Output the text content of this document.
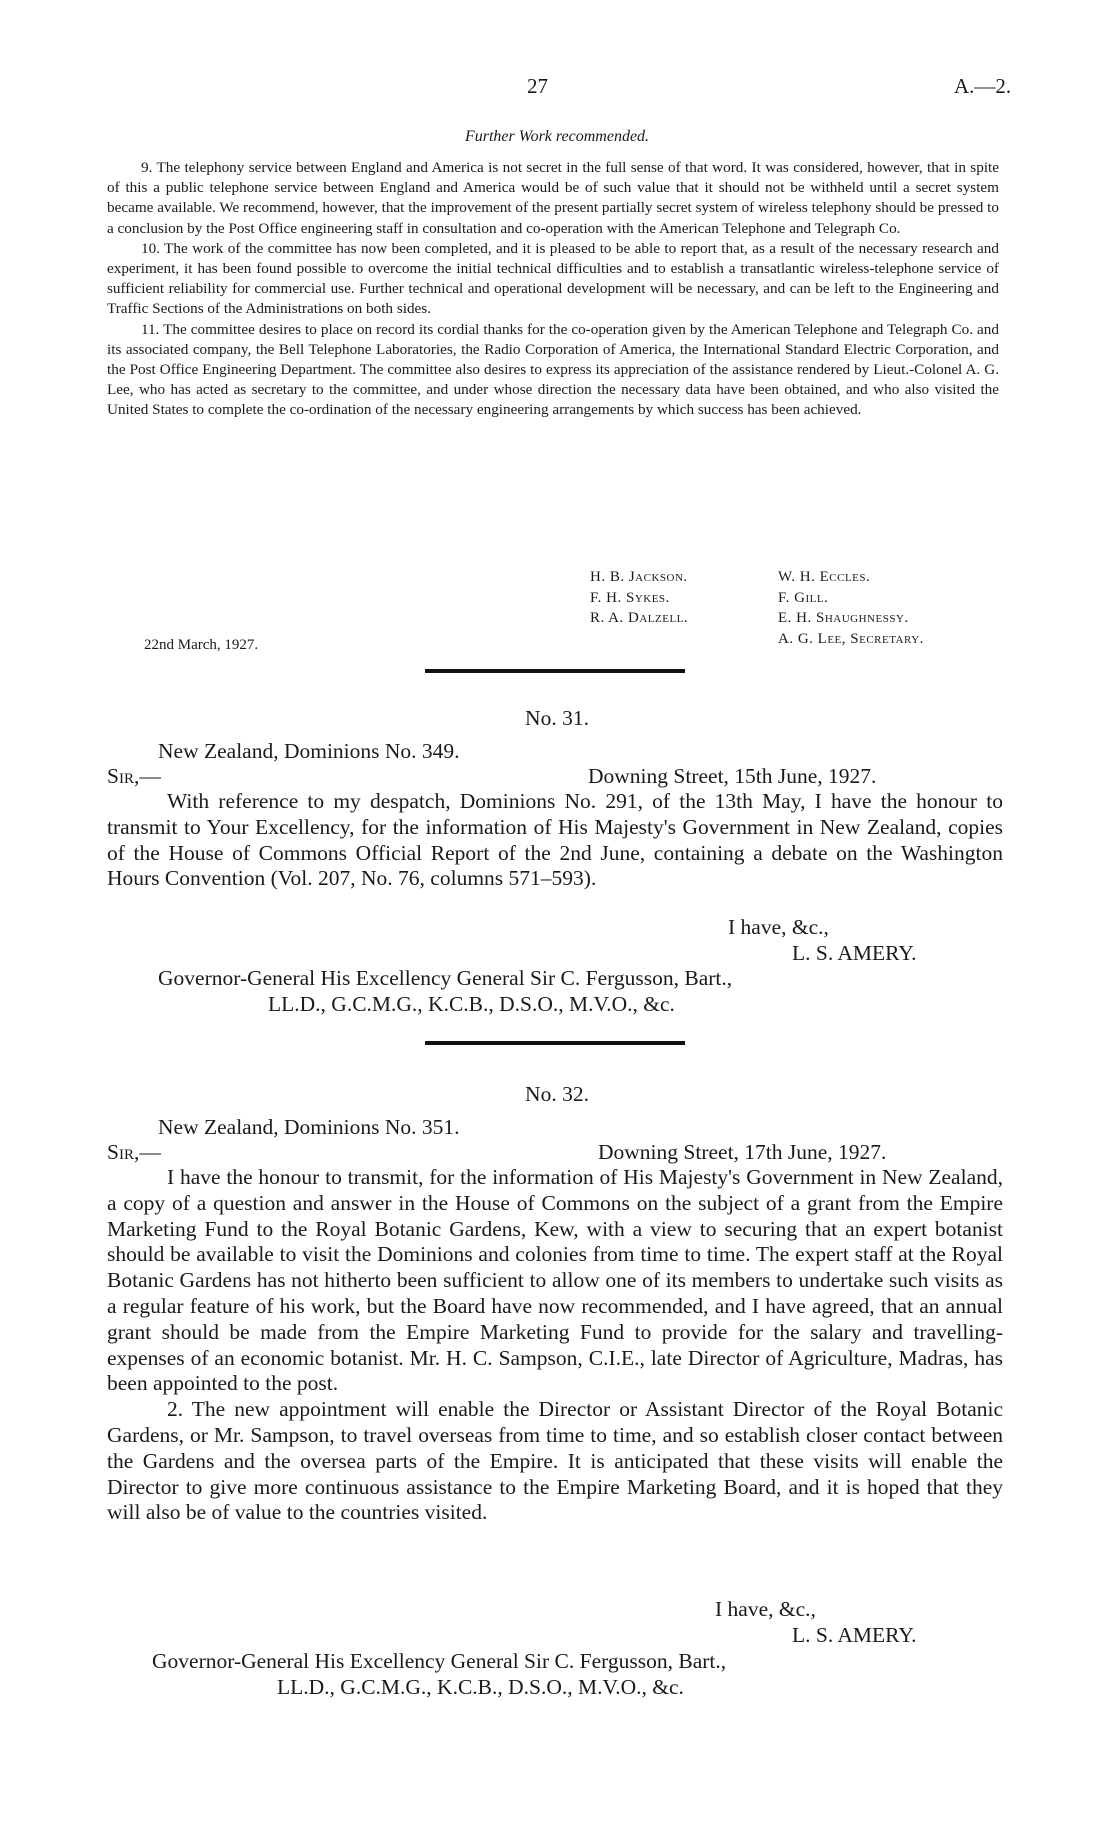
27	A.—2.
Further Work recommended.

9. The telephony service between England and America is not secret in the full sense of that word. It was considered, however, that in spite of this a public telephone service between England and America would be of such value that it should not be withheld until a secret system became available. We recommend, however, that the improvement of the present partially secret system of wireless telephony should be pressed to a conclusion by the Post Office engineering staff in consultation and co-operation with the American Telephone and Telegraph Co.

10. The work of the committee has now been completed, and it is pleased to be able to report that, as a result of the necessary research and experiment, it has been found possible to overcome the initial technical difficulties and to establish a transatlantic wireless-telephone service of sufficient reliability for commercial use. Further technical and operational development will be necessary, and can be left to the Engineering and Traffic Sections of the Administrations on both sides.

11. The committee desires to place on record its cordial thanks for the co-operation given by the American Telephone and Telegraph Co. and its associated company, the Bell Telephone Laboratories, the Radio Corporation of America, the International Standard Electric Corporation, and the Post Office Engineering Department. The committee also desires to express its appreciation of the assistance rendered by Lieut.-Colonel A. G. Lee, who has acted as secretary to the committee, and under whose direction the necessary data have been obtained, and who also visited the United States to complete the co-ordination of the necessary engineering arrangements by which success has been achieved.

H. B. Jackson.
F. H. Sykes.
R. A. Dalzell.
W. H. Eccles.
F. Gill.
E. H. Shaughnessy.
A. G. Lee, Secretary.
22nd March, 1927.
No. 31.
New Zealand, Dominions No. 349.
Sir,—	Downing Street, 15th June, 1927.

With reference to my despatch, Dominions No. 291, of the 13th May, I have the honour to transmit to Your Excellency, for the information of His Majesty's Government in New Zealand, copies of the House of Commons Official Report of the 2nd June, containing a debate on the Washington Hours Convention (Vol. 207, No. 76, columns 571–593).

I have, &c.,
L. S. AMERY.
Governor-General His Excellency General Sir C. Fergusson, Bart.,
LL.D., G.C.M.G., K.C.B., D.S.O., M.V.O., &c.
No. 32.
New Zealand, Dominions No. 351.
Sir,—	Downing Street, 17th June, 1927.

I have the honour to transmit, for the information of His Majesty's Government in New Zealand, a copy of a question and answer in the House of Commons on the subject of a grant from the Empire Marketing Fund to the Royal Botanic Gardens, Kew, with a view to securing that an expert botanist should be available to visit the Dominions and colonies from time to time. The expert staff at the Royal Botanic Gardens has not hitherto been sufficient to allow one of its members to undertake such visits as a regular feature of his work, but the Board have now recommended, and I have agreed, that an annual grant should be made from the Empire Marketing Fund to provide for the salary and travelling-expenses of an economic botanist. Mr. H. C. Sampson, C.I.E., late Director of Agriculture, Madras, has been appointed to the post.

2. The new appointment will enable the Director or Assistant Director of the Royal Botanic Gardens, or Mr. Sampson, to travel overseas from time to time, and so establish closer contact between the Gardens and the oversea parts of the Empire. It is anticipated that these visits will enable the Director to give more continuous assistance to the Empire Marketing Board, and it is hoped that they will also be of value to the countries visited.

I have, &c.,
L. S. AMERY.
Governor-General His Excellency General Sir C. Fergusson, Bart.,
LL.D., G.C.M.G., K.C.B., D.S.O., M.V.O., &c.
